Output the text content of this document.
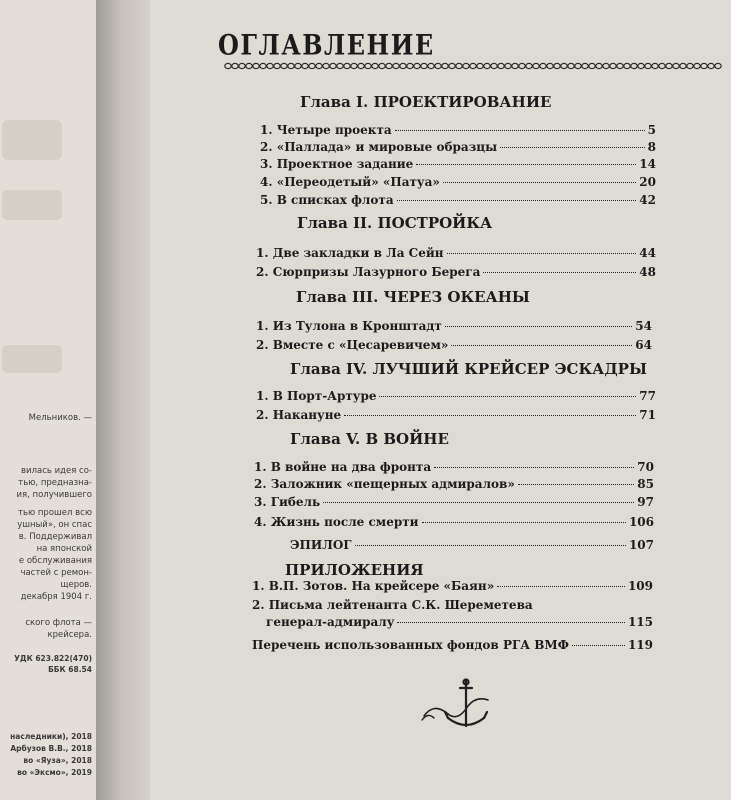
Мельников. —
вилась идея со-
тью, предназна-
ия, получившего
тью прошел всю
ушный», он спас
в. Поддерживал
на японской
е обслуживания
частей с ремон-
щеров.
декабря 1904 г.
ского флота —
крейсера.
УДК 623.822(470)
ББК 68.54
наследники), 2018
Арбузов В.В., 2018
во «Яуза», 2018
во «Эксмо», 2019
ОГЛАВЛЕНИЕ
Глава I. ПРОЕКТИРОВАНИЕ
1. Четыре проекта	5
2. «Паллада» и мировые образцы	8
3. Проектное задание	14
4. «Переодетый» «Патуа»	20
5. В списках флота	42
Глава II. ПОСТРОЙКА
1. Две закладки в Ла Сейн	44
2. Сюрпризы Лазурного Берега	48
Глава III. ЧЕРЕЗ ОКЕАНЫ
1. Из Тулона в Кронштадт	54
2. Вместе с «Цесаревичем»	64
Глава IV. ЛУЧШИЙ КРЕЙСЕР ЭСКАДРЫ
1. В Порт-Артуре	77
2. Накануне	71
Глава V. В ВОЙНЕ
1. В войне на два фронта	70
2. Заложник «пещерных адмиралов»	85
3. Гибель	97
4. Жизнь после смерти	106
ЭПИЛОГ	107
ПРИЛОЖЕНИЯ
1. В.П. Зотов. На крейсере «Баян»	109
2. Письма лейтенанта С.К. Шереметева
генерал-адмиралу	115
Перечень использованных фондов РГА ВМФ	119
